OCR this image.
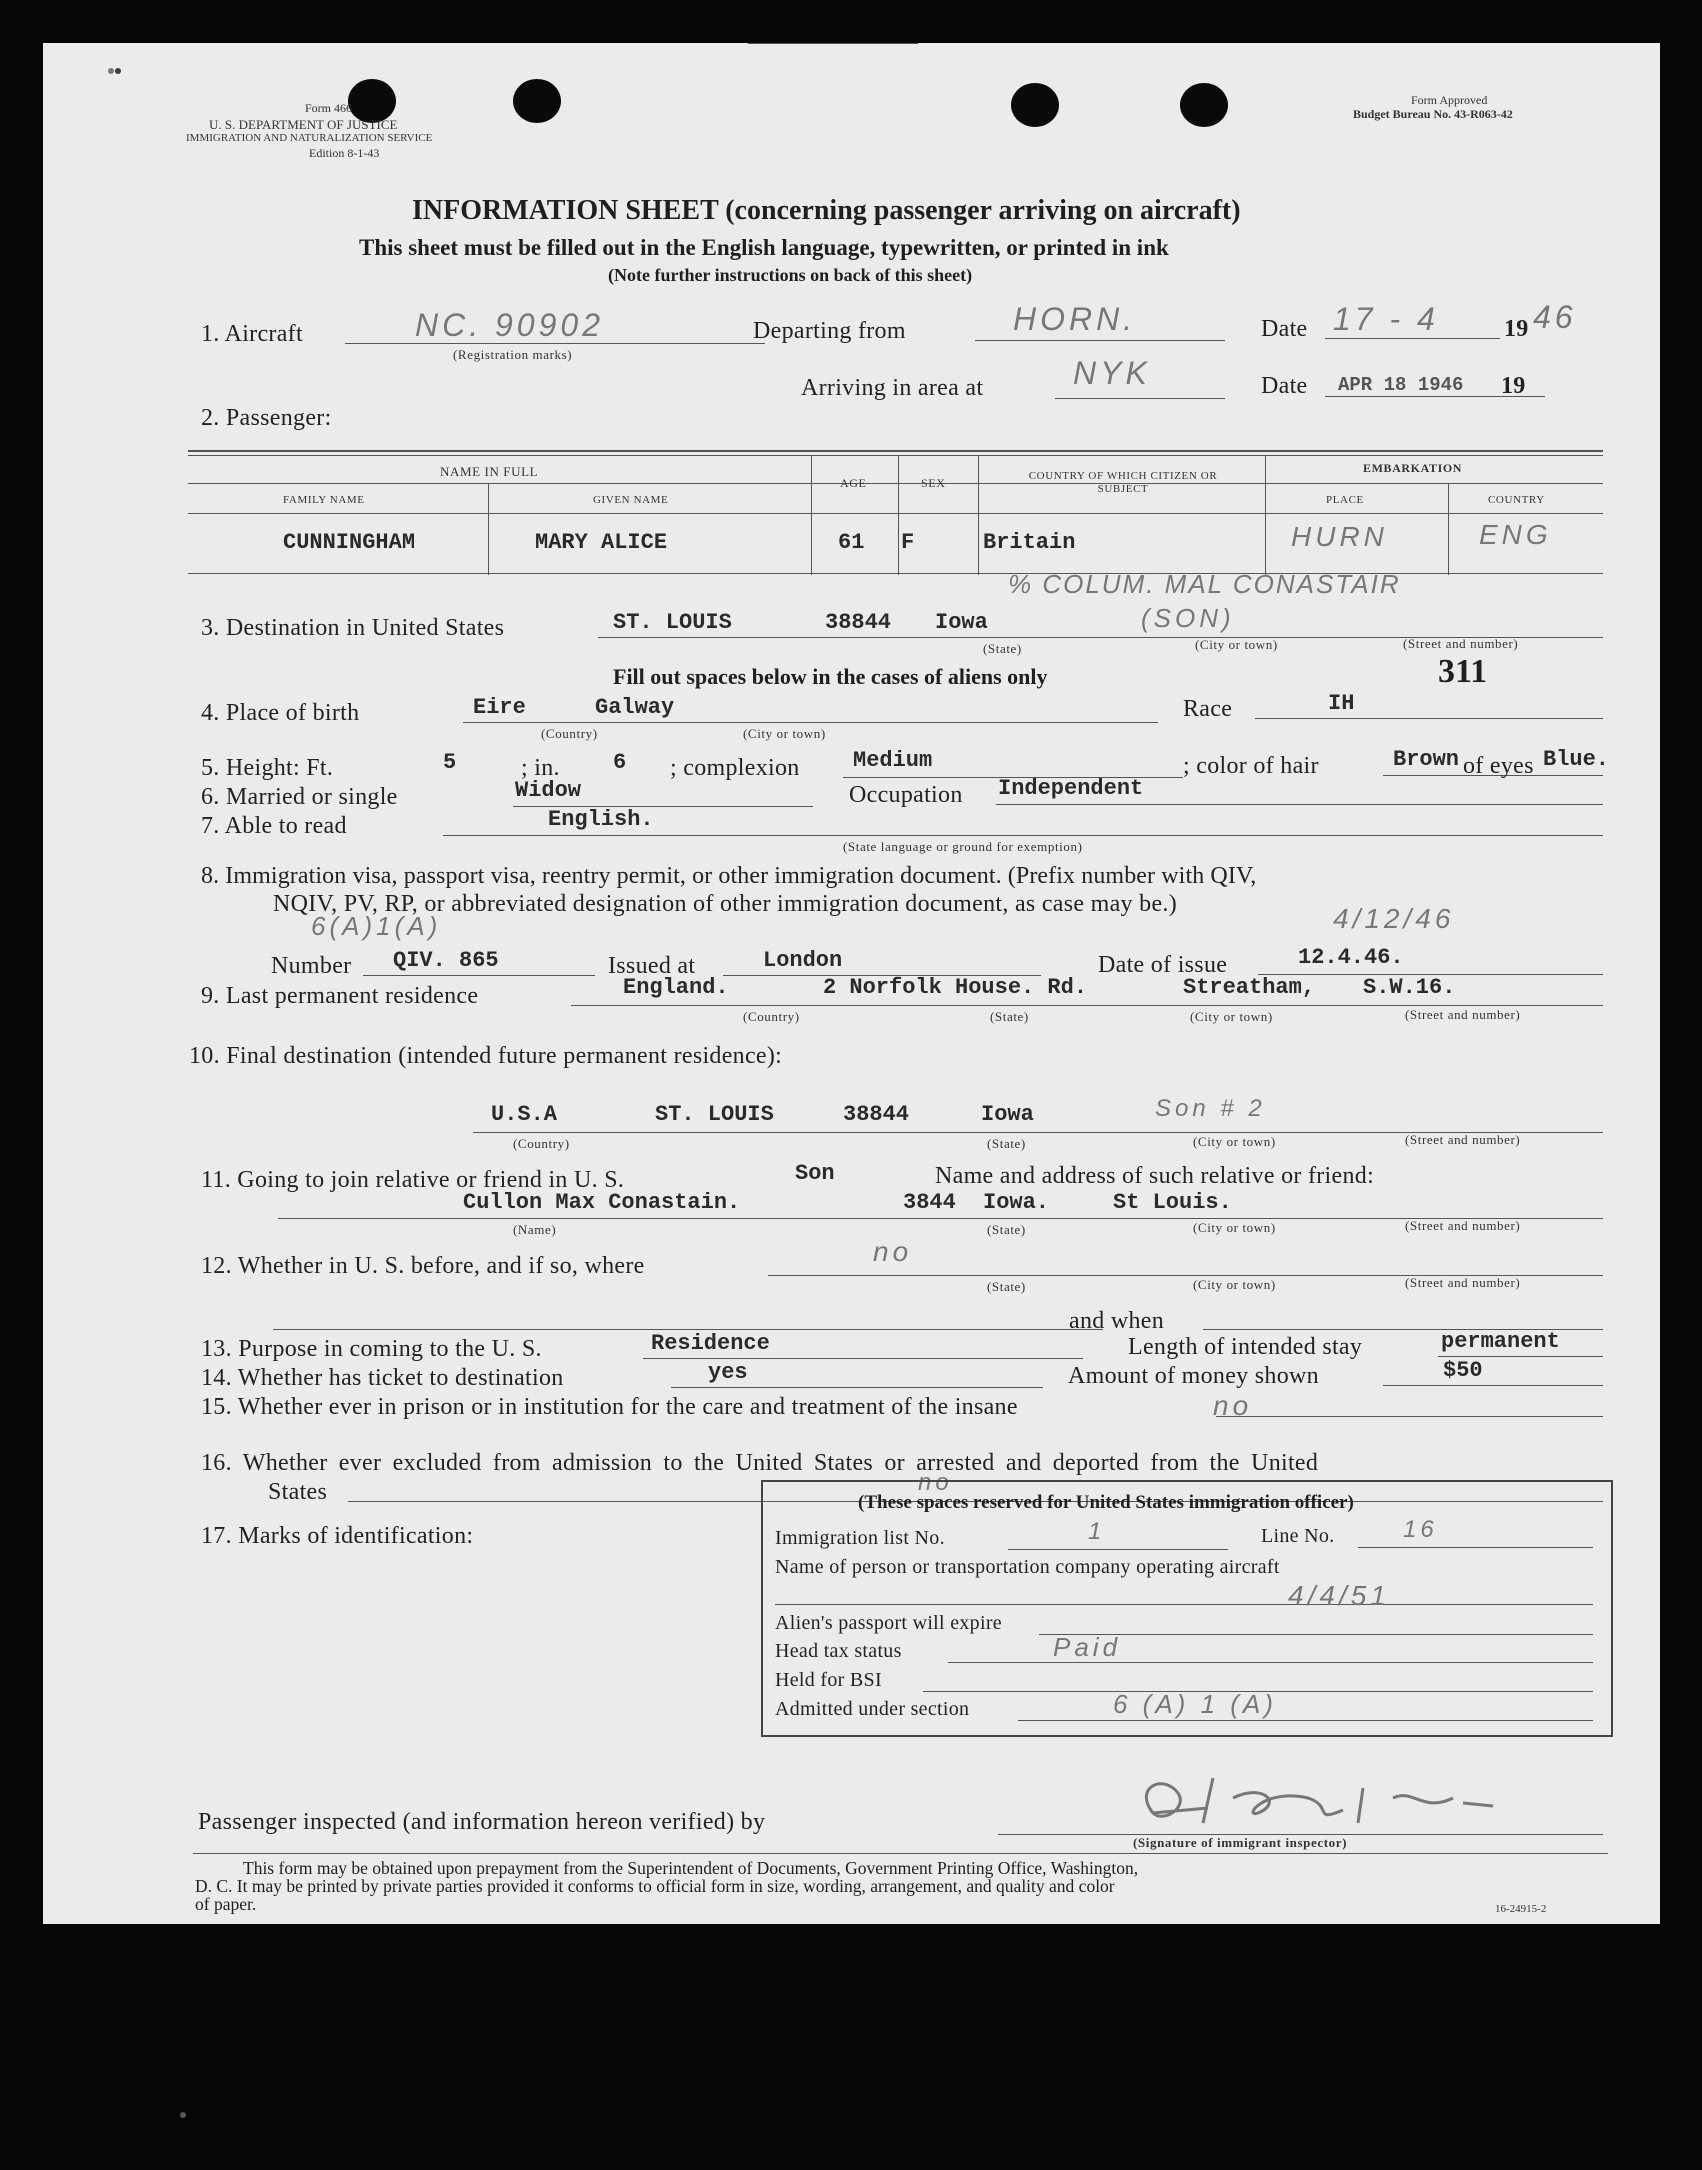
Form 466
U. S. DEPARTMENT OF JUSTICE
IMMIGRATION AND NATURALIZATION SERVICE
Edition 8-1-43
Form Approved
Budget Bureau No. 43-R063-42
INFORMATION SHEET (concerning passenger arriving on aircraft)
This sheet must be filled out in the English language, typewritten, or printed in ink
(Note further instructions on back of this sheet)
1. Aircraft	NC. 90902
(Registration marks)
Departing from	HORN.	Date 17 - 4	19 46
Arriving in area at	NYK	Date APR 18 1946 19
2. Passenger:
NAME IN FULL
FAMILY NAME	GIVEN NAME
AGE	SEX	COUNTRY OF WHICH CITIZEN OR SUBJECT
EMBARKATION
PLACE	COUNTRY
CUNNINGHAM	MARY ALICE	61 F	Britain	HURN	ENG
% COLUM. MAL CONASTAIR
3. Destination in United States	ST. LOUIS	38844 Iowa	(SON)
(State)	(City or town)	(Street and number)
Fill out spaces below in the cases of aliens only	311
4. Place of birth	Eire	Galway
(Country)	(City or town)
Race	IH
5. Height: Ft.	5	; in. 6 ; complexion Medium	; color of hair	Brown of eyes Blue.
6. Married or single	Widow	Occupation Independent
7. Able to read	English.
(State language or ground for exemption)
8. Immigration visa, passport visa, reentry permit, or other immigration document. (Prefix number with QIV,
NQIV, PV, RP, or abbreviated designation of other immigration document, as case may be.)
6(A)1(A)	4/12/46
Number QIV. 865	Issued at	London	Date of issue	12.4.46.
9. Last permanent residence	England.	2 Norfolk House. Rd.	Streatham, S.W.16.
(Country)	(State)	(City or town)	(Street and number)
10. Final destination (intended future permanent residence):
U.S.A	ST. LOUIS	38844	Iowa	Son # 2
(Country)	(State)	(City or town)	(Street and number)
11. Going to join relative or friend in U. S.	Son	Name and address of such relative or friend:
Cullon Max Conastain.	3844 Iowa.	St Louis.
(Name)	(State)	(City or town)	(Street and number)
12. Whether in U. S. before, and if so, where	no
(State)	(City or town)	(Street and number)
and when
13. Purpose in coming to the U. S.	Residence	Length of intended stay	permanent
14. Whether has ticket to destination	yes	Amount of money shown	$50
15. Whether ever in prison or in institution for the care and treatment of the insane	no
16. Whether ever excluded from admission to the United States or arrested and deported from the United
States	no
17. Marks of identification:
(These spaces reserved for United States immigration officer)
Immigration list No.	1	Line No.	16
Name of person or transportation company operating aircraft
4/4/51
Alien's passport will expire
Head tax status	Paid
Held for BSI
Admitted under section	6 (A) 1 (A)
Passenger inspected (and information hereon verified) by
(Signature of immigrant inspector)
This form may be obtained upon prepayment from the Superintendent of Documents, Government Printing Office, Washington,
D. C. It may be printed by private parties provided it conforms to official form in size, wording, arrangement, and quality and color
of paper.	16-24915-2
